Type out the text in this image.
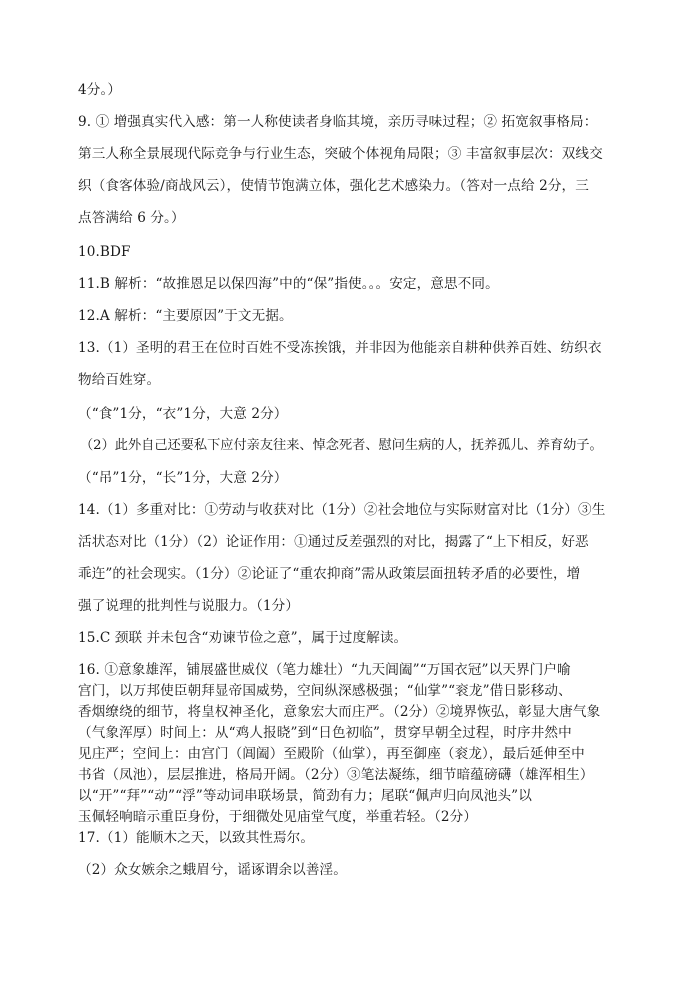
4分。）
9. ① 增强真实代入感：第一人称使读者身临其境，亲历寻味过程；② 拓宽叙事格局：
第三人称全景展现代际竞争与行业生态，突破个体视角局限；③ 丰富叙事层次：双线交
织（食客体验/商战风云），使情节饱满立体，强化艺术感染力。（答对一点给 2分，三
点答满给 6 分。）
10.BDF
11.B 解析：“故推恩足以保四海”中的“保”指使。。。安定，意思不同。
12.A 解析：“主要原因”于文无据。
13.（1）圣明的君王在位时百姓不受冻挨饿，并非因为他能亲自耕种供养百姓、纺织衣
物给百姓穿。
（“食”1分，“衣”1分，大意 2分）
（2）此外自己还要私下应付亲友往来、悼念死者、慰问生病的人，抚养孤儿、养育幼子。
（“吊”1分，“长”1分，大意 2分）
14.（1）多重对比：①劳动与收获对比（1分）②社会地位与实际财富对比（1分）③生
活状态对比（1分）（2）论证作用：①通过反差强烈的对比，揭露了“上下相反，好恶
乖迕”的社会现实。（1分）②论证了“重农抑商”需从政策层面扭转矛盾的必要性，增
强了说理的批判性与说服力。（1分）
15.C 颈联 并未包含“劝谏节俭之意”，属于过度解读。
16. ①意象雄浑，铺展盛世威仪（笔力雄壮）“九天阊阖”“万国衣冠”以天界门户喻
宫门，以万邦使臣朝拜显帝国威势，空间纵深感极强；“仙掌”“衮龙”借日影移动、
香烟缭绕的细节，将皇权神圣化，意象宏大而庄严。（2分）②境界恢弘，彰显大唐气象
（气象浑厚）时间上：从“鸡人报晓”到“日色初临”，贯穿早朝全过程，时序井然中
见庄严；空间上：由宫门（阊阖）至殿阶（仙掌），再至御座（衮龙），最后延伸至中
书省（凤池），层层推进，格局开阔。（2分）③笔法凝练，细节暗蕴磅礴（雄浑相生）
以“开”“拜”“动”“浮”等动词串联场景，简劲有力；尾联“佩声归向凤池头”以
玉佩轻响暗示重臣身份，于细微处见庙堂气度，举重若轻。（2分）
17.（1）能顺木之天，以致其性焉尔。
（2）众女嫉余之蛾眉兮，谣诼谓余以善淫。
